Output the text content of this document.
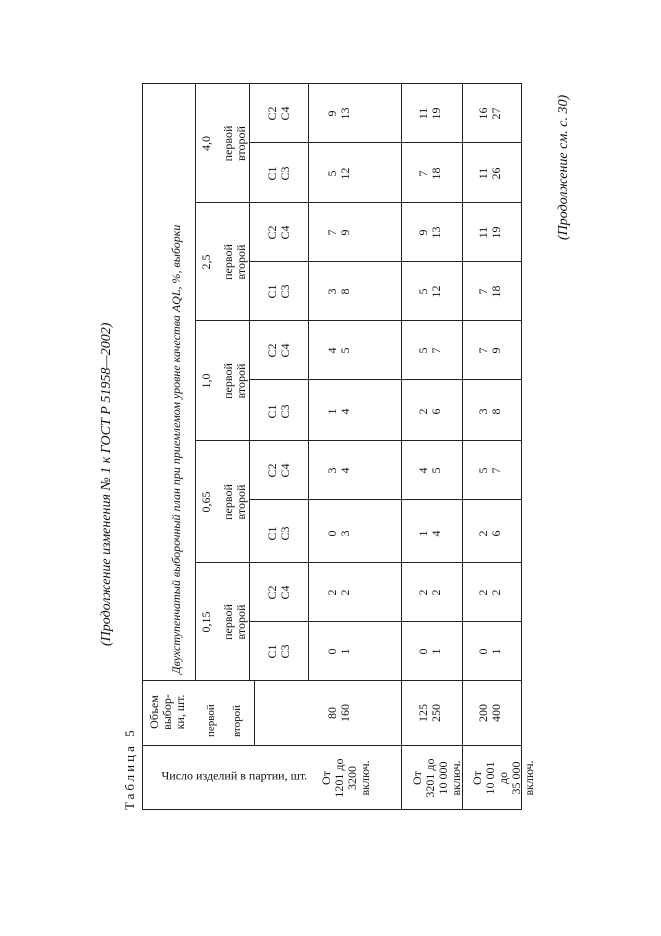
(Продолжение изменения № 1 к ГОСТ Р 51958—2002)
(Продолжение см. с. 30)
Таблица 5 Число изделий в партии, шт.
Объем
выбор-
ки, шт. первой второй
Двухступенчатый выборочный план при приемлемом уровне качества AQL, %, выборки 0,15 первой
второй
C1
C3
C2
C4
0,65 первой
второй
C1
C3
C2
C4
1,0 первой
второй
C1
C3
C2
C4
2,5 первой
второй
C1
C3
C2
C4
4,0 первой
второй
C1
C3
C2
C4
От
1201 до
3200
включ.
80
160
0
1
2
2
0
3
3
4
1
4
4
5
3
8
7
9
5
12
9
13
От
3201 до
10 000
включ.
125
250
0
1
2
2
1
4
4
5
2
6
5
7
5
12
9
13
7
18
11
19
От
10 001
до
35 000
включ.
200
400
0
1
2
2
2
6
5
7
3
8
7
9
7
18
11
19
11
26
16
27
